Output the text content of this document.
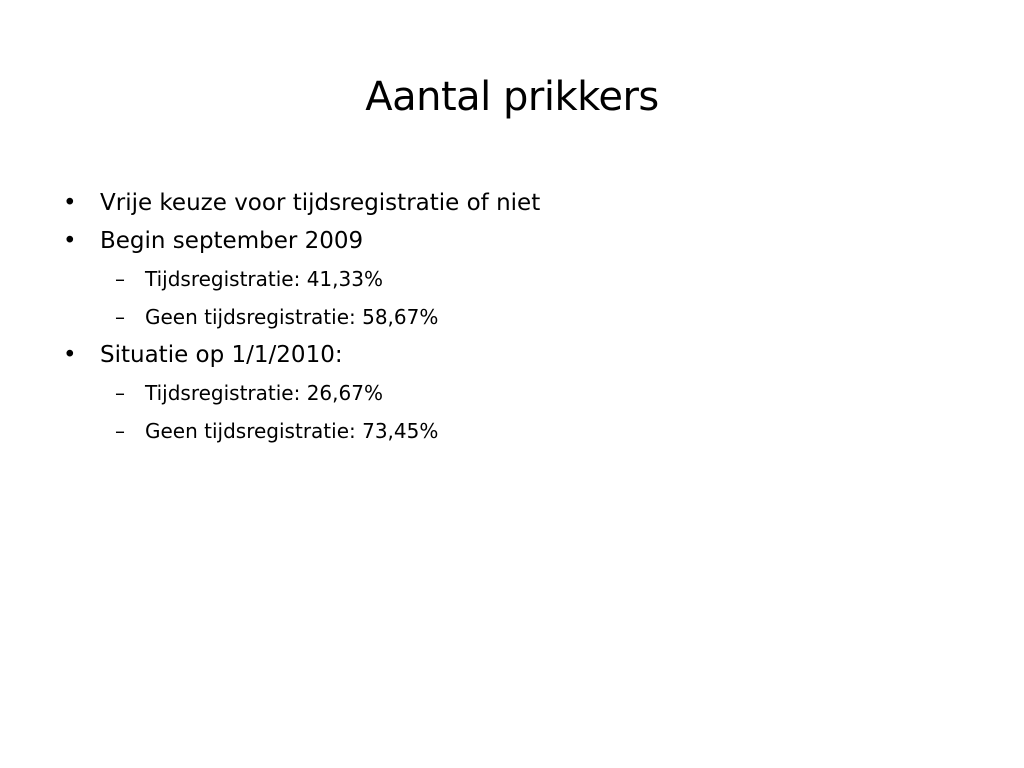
Aantal prikkers
• Vrije keuze voor tijdsregistratie of niet
• Begin september 2009
– Tijdsregistratie: 41,33%
– Geen tijdsregistratie: 58,67%
• Situatie op 1/1/2010:
– Tijdsregistratie: 26,67%
– Geen tijdsregistratie: 73,45%
